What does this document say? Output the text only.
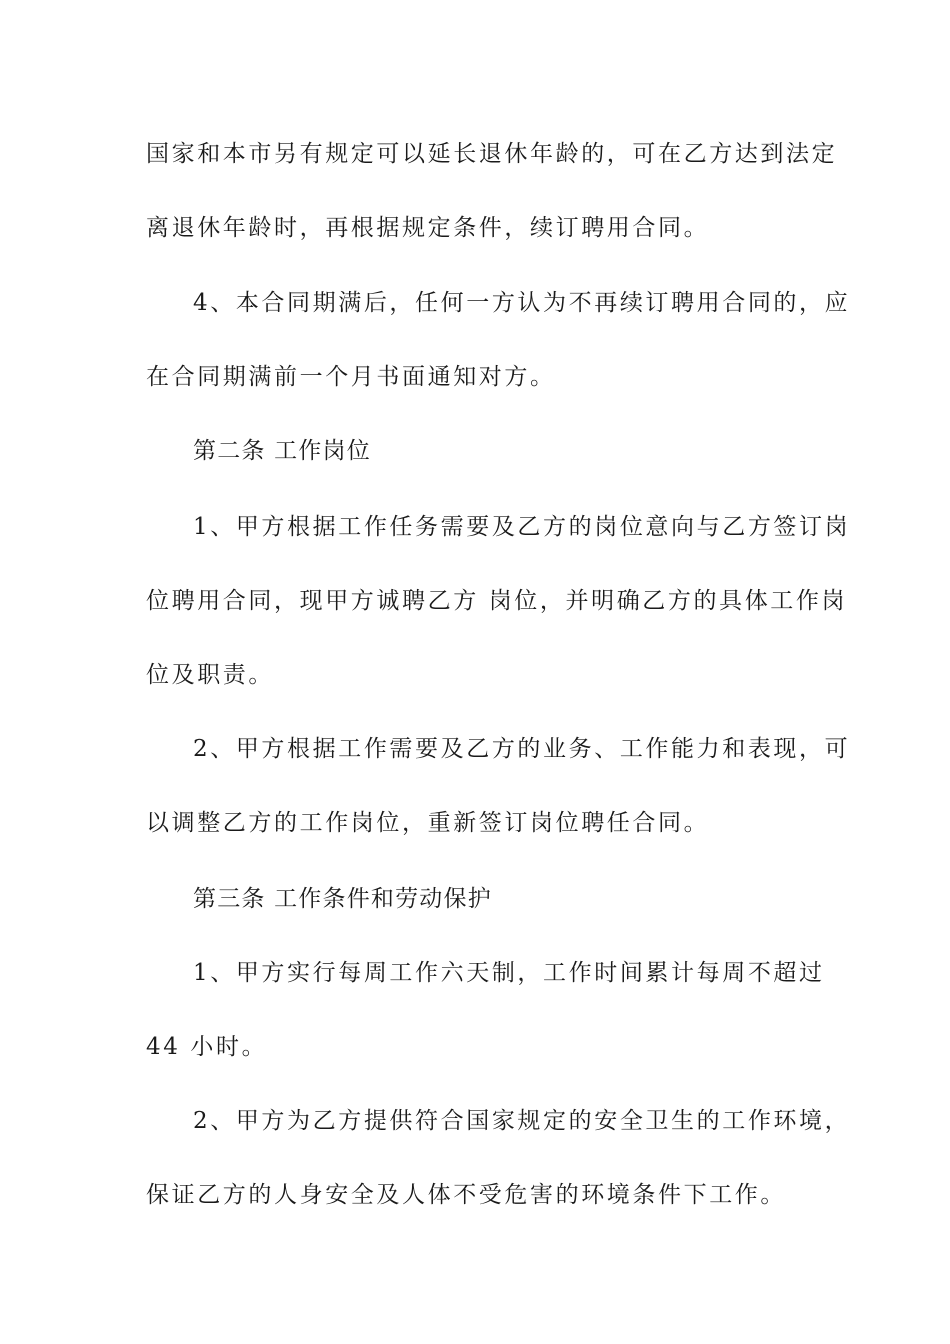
国家和本市另有规定可以延长退休年龄的，可在乙方达到法定
离退休年龄时，再根据规定条件，续订聘用合同。
4、本合同期满后，任何一方认为不再续订聘用合同的，应
在合同期满前一个月书面通知对方。
第二条 工作岗位
1、甲方根据工作任务需要及乙方的岗位意向与乙方签订岗
位聘用合同，现甲方诚聘乙方 岗位，并明确乙方的具体工作岗
位及职责。
2、甲方根据工作需要及乙方的业务、工作能力和表现，可
以调整乙方的工作岗位，重新签订岗位聘任合同。
第三条 工作条件和劳动保护
1、甲方实行每周工作六天制，工作时间累计每周不超过
44 小时。
2、甲方为乙方提供符合国家规定的安全卫生的工作环境，
保证乙方的人身安全及人体不受危害的环境条件下工作。
